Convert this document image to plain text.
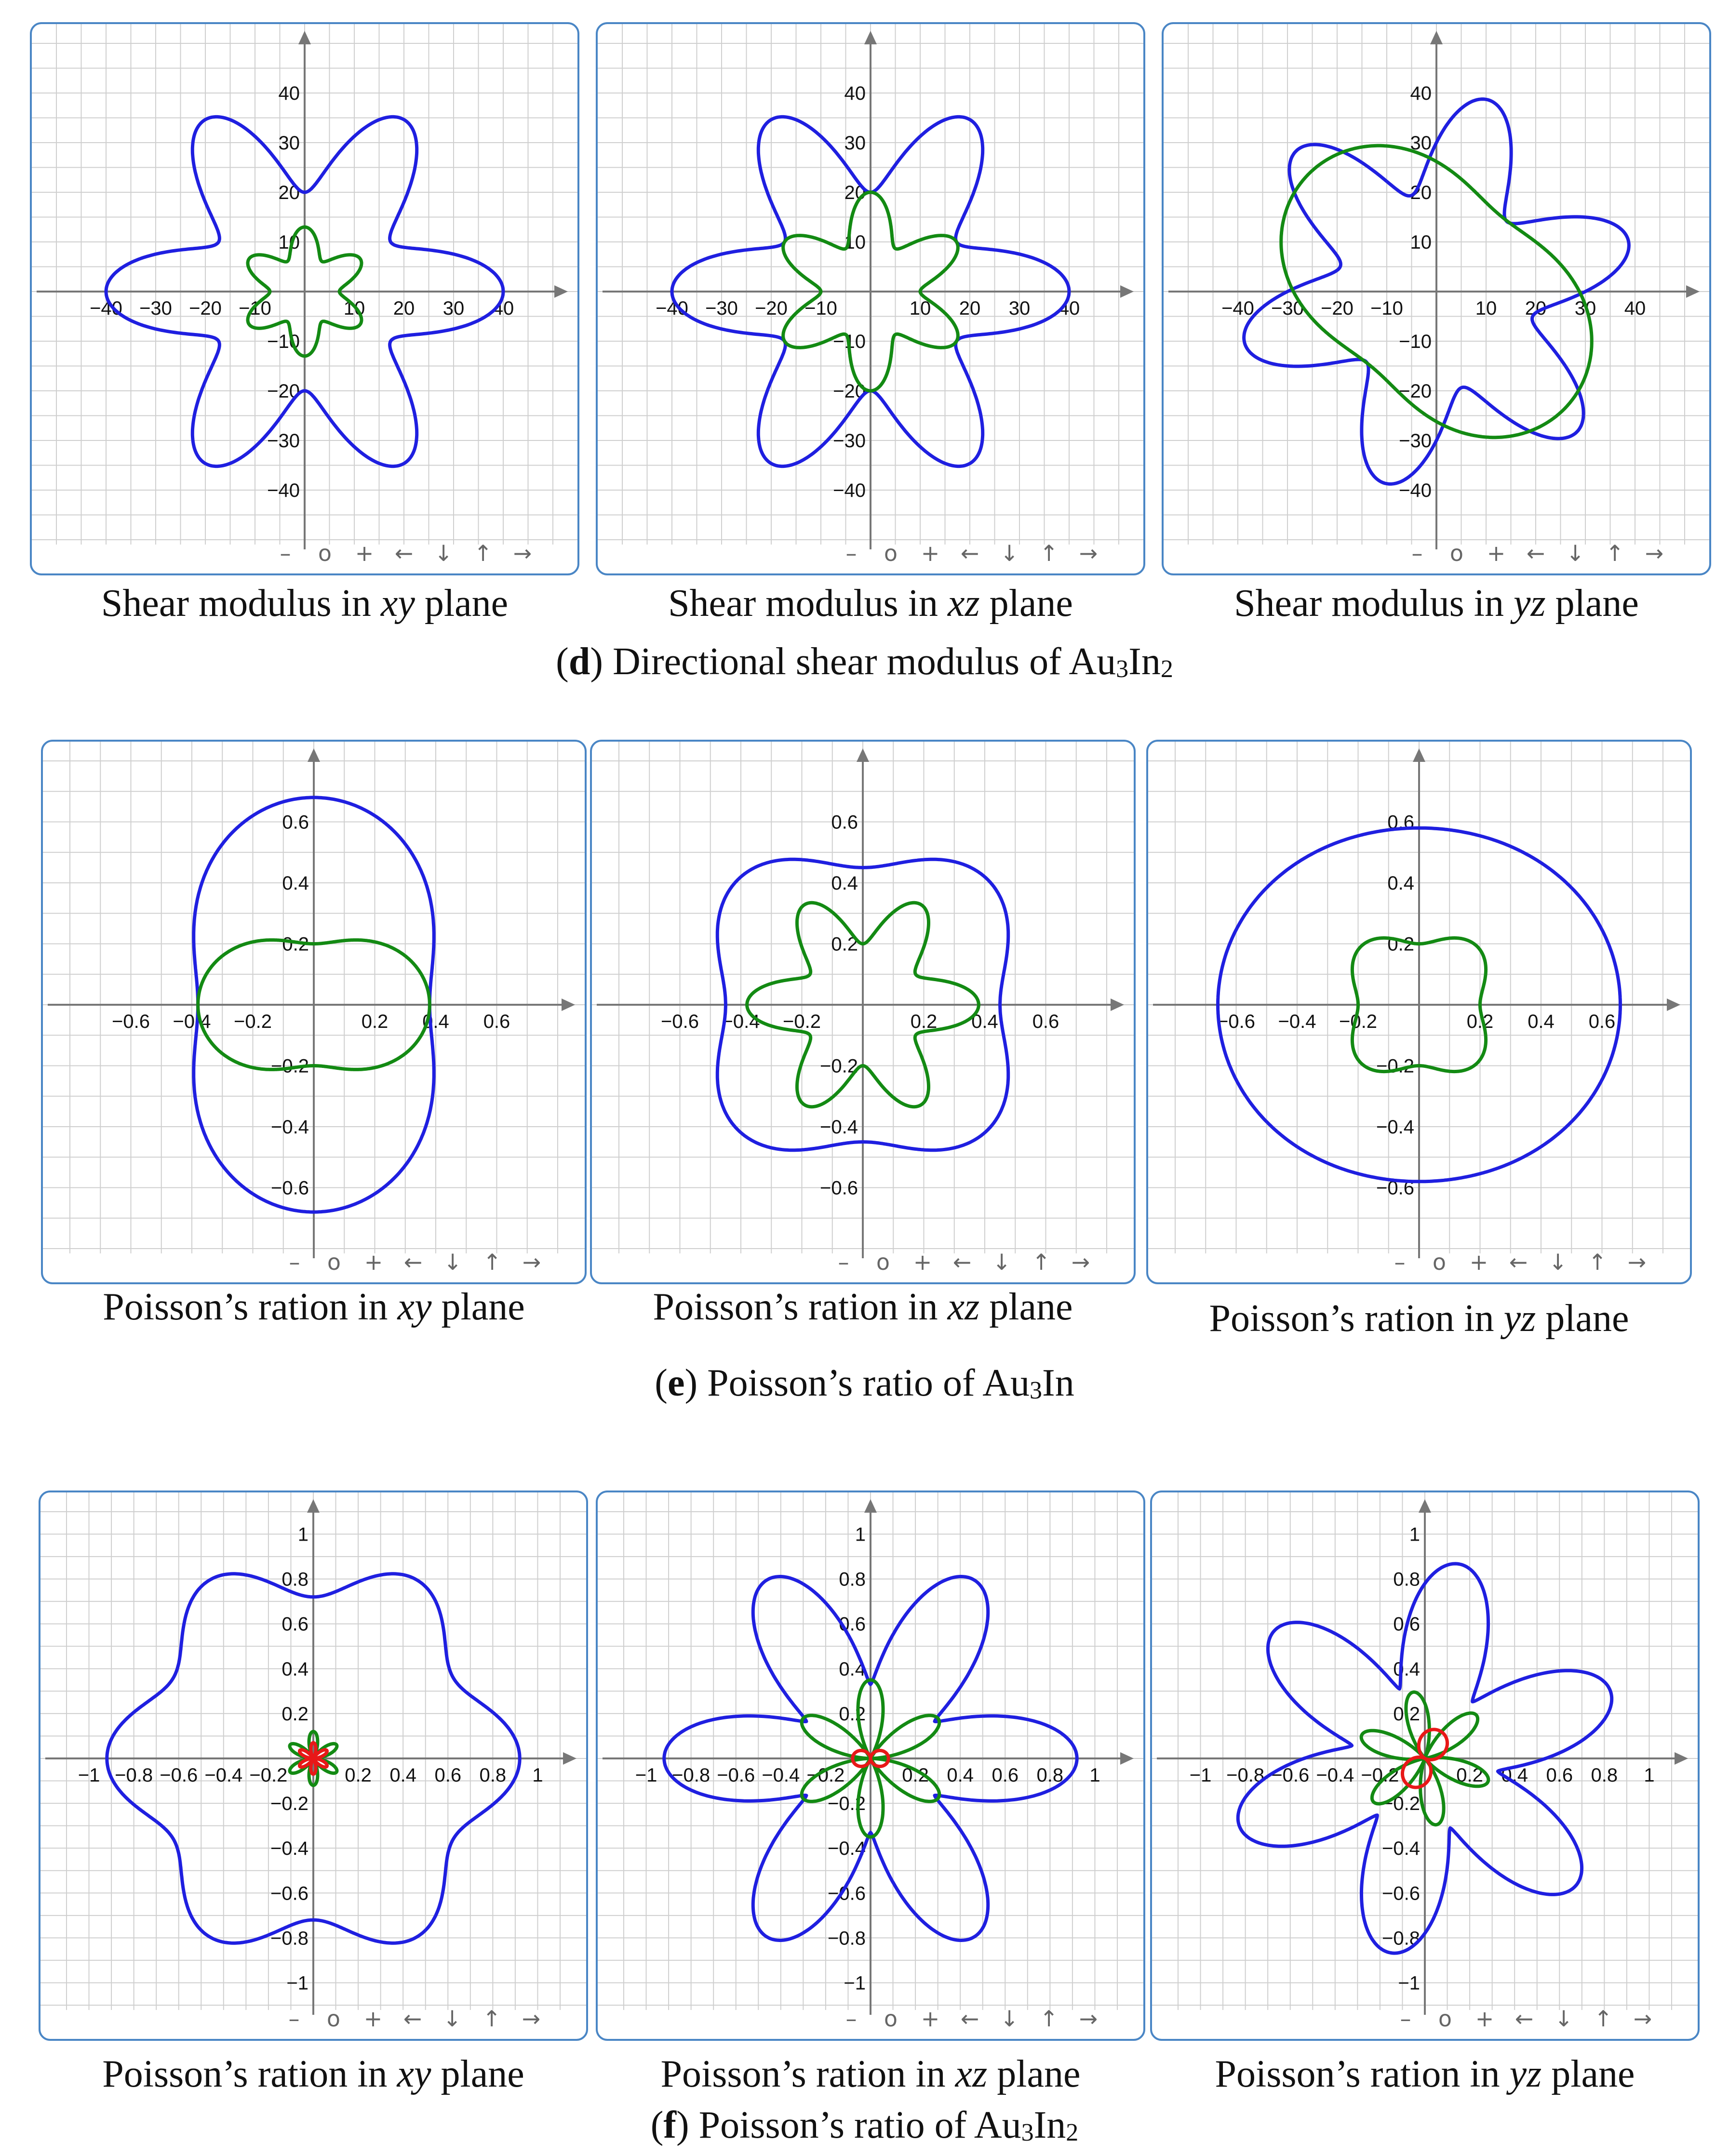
−40 −30 −20 −10	10 20 30 40
40
30
20
10
−10
−20
−30
−40
– o + ← ↓ ↑ →
−40 −30 −20 −10	10 20 30 40
40
30
20
10
−10
−20
−30
−40
– o + ← ↓ ↑ →
−40 −30 −20 −10	10 20 30 40
40
30
20
10
−10
−20
−30
−40
– o + ← ↓ ↑ →
Shear modulus in xy plane	Shear modulus in xz plane	Shear modulus in yz plane
(d) Directional shear modulus of Au3In2
−0.6 −0.4 −0.2	0.2 0.4 0.6
0.6
0.4
0.2
−0.2
−0.4
−0.6
– o + ← ↓ ↑ →
−0.6 −0.4 −0.2	0.2 0.4 0.6
0.6
0.4
0.2
−0.2
−0.4
−0.6
– o + ← ↓ ↑ →
−0.6 −0.4 −0.2	0.2 0.4 0.6
0.6
0.4
0.2
−0.2
−0.4
−0.6
– o + ← ↓ ↑ →
Poisson’s ration in xy plane	Poisson’s ration in xz plane	Poisson’s ration in yz plane
(e) Poisson’s ratio of Au3In
−1 −0.8 −0.6 −0.4 −0.2	0.2 0.4 0.6 0.8 1
1
0.8
0.6
0.4
0.2
−0.2
−0.4
−0.6
−0.8
−1
– o + ← ↓ ↑ →
−1 −0.8 −0.6 −0.4 −0.2	0.2 0.4 0.6 0.8 1
1
0.8
0.6
0.4
0.2
−0.2
−0.4
−0.6
−0.8
−1
– o + ← ↓ ↑ →
−1 −0.8 −0.6 −0.4 −0.2	0.2 0.4 0.6 0.8 1
1
0.8
0.6
0.4
0.2
−0.2
−0.4
−0.6
−0.8
−1
– o + ← ↓ ↑ →
Poisson’s ration in xy plane	Poisson’s ration in xz plane	Poisson’s ration in yz plane
(f) Poisson’s ratio of Au3In2
